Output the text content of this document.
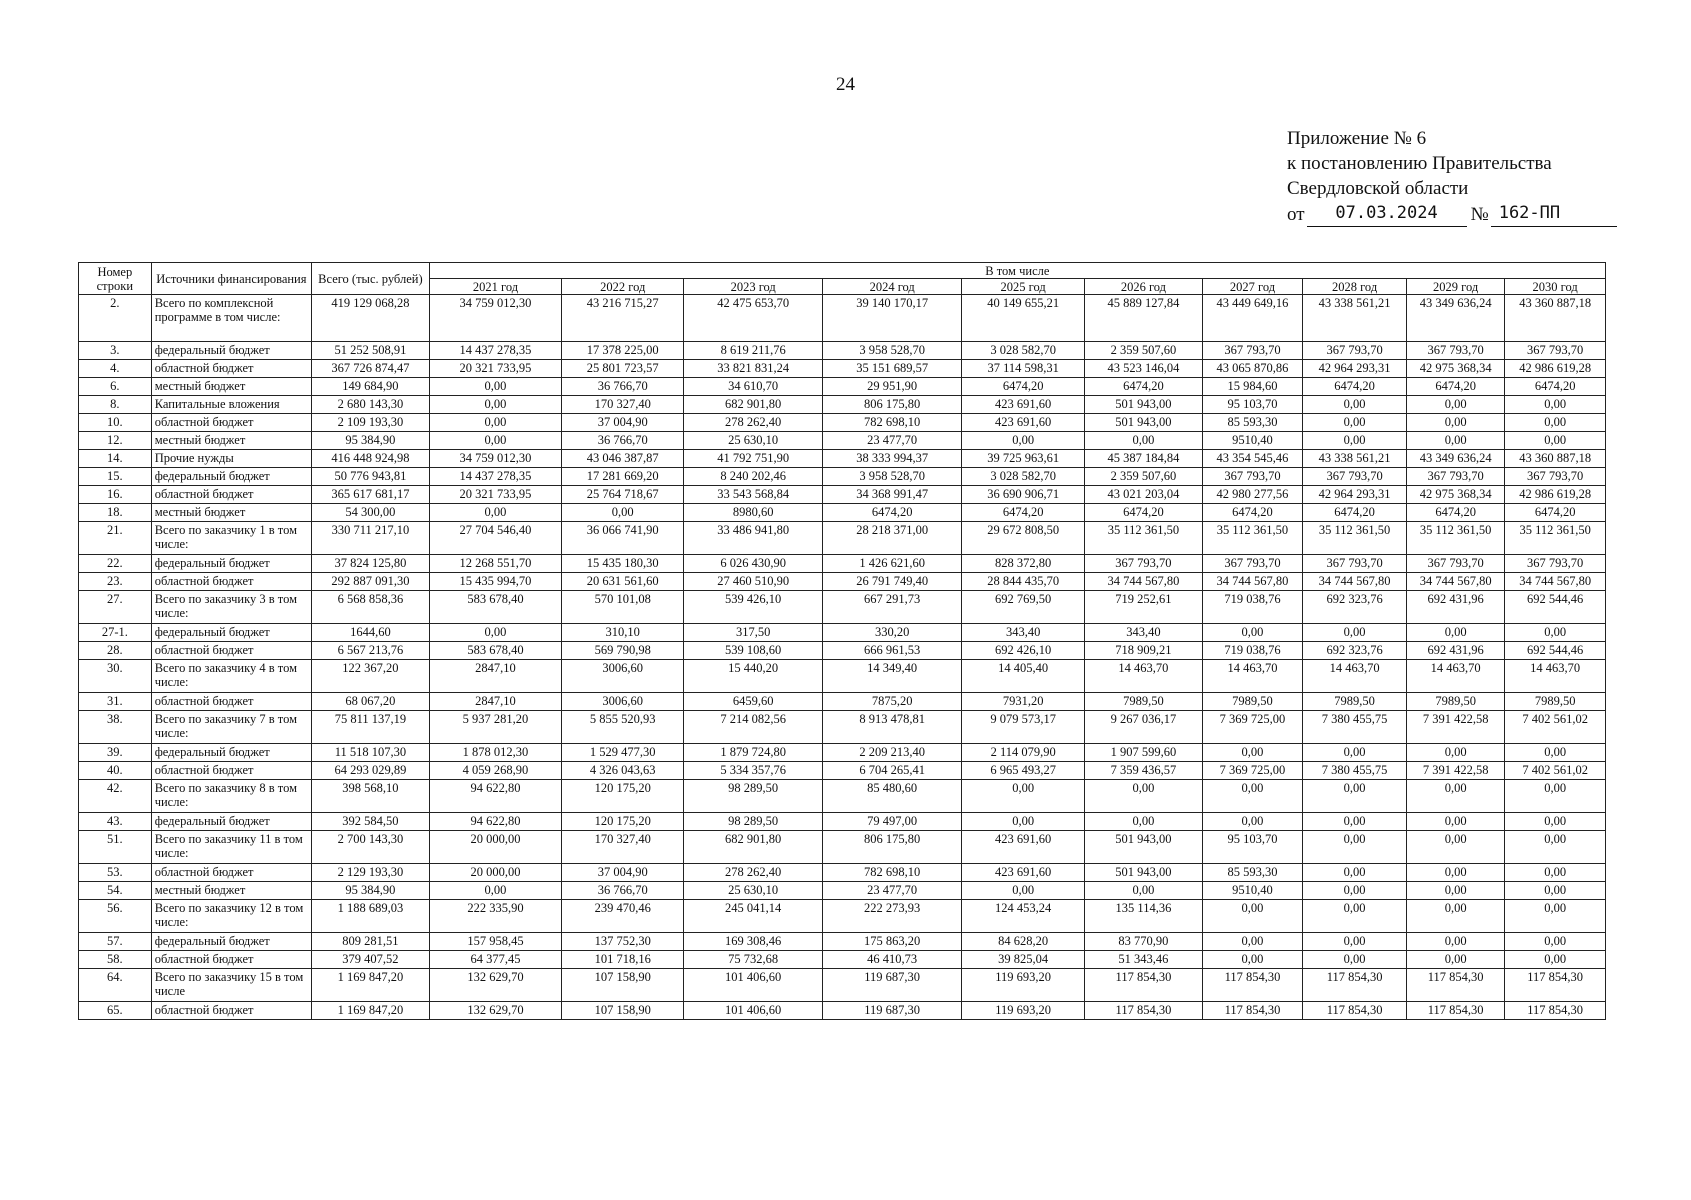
24
Приложение № 6
к постановлению Правительства
Свердловской области
от	07.03.2024	№ 162-ПП
Номер строки	Источники финансирования	Всего (тыс. рублей)	В том числе									
			2021 год	2022 год	2023 год	2024 год	2025 год	2026 год	2027 год	2028 год	2029 год	2030 год
2.	Всего по комплексной программе в том числе:	419 129 068,28	34 759 012,30	43 216 715,27	42 475 653,70	39 140 170,17	40 149 655,21	45 889 127,84	43 449 649,16	43 338 561,21	43 349 636,24	43 360 887,18
3.	федеральный бюджет	51 252 508,91	14 437 278,35	17 378 225,00	8 619 211,76	3 958 528,70	3 028 582,70	2 359 507,60	367 793,70	367 793,70	367 793,70	367 793,70
4.	областной бюджет	367 726 874,47	20 321 733,95	25 801 723,57	33 821 831,24	35 151 689,57	37 114 598,31	43 523 146,04	43 065 870,86	42 964 293,31	42 975 368,34	42 986 619,28
6.	местный бюджет	149 684,90	0,00	36 766,70	34 610,70	29 951,90	6474,20	6474,20	15 984,60	6474,20	6474,20	6474,20
8.	Капитальные вложения	2 680 143,30	0,00	170 327,40	682 901,80	806 175,80	423 691,60	501 943,00	95 103,70	0,00	0,00	0,00
10.	областной бюджет	2 109 193,30	0,00	37 004,90	278 262,40	782 698,10	423 691,60	501 943,00	85 593,30	0,00	0,00	0,00
12.	местный бюджет	95 384,90	0,00	36 766,70	25 630,10	23 477,70	0,00	0,00	9510,40	0,00	0,00	0,00
14.	Прочие нужды	416 448 924,98	34 759 012,30	43 046 387,87	41 792 751,90	38 333 994,37	39 725 963,61	45 387 184,84	43 354 545,46	43 338 561,21	43 349 636,24	43 360 887,18
15.	федеральный бюджет	50 776 943,81	14 437 278,35	17 281 669,20	8 240 202,46	3 958 528,70	3 028 582,70	2 359 507,60	367 793,70	367 793,70	367 793,70	367 793,70
16.	областной бюджет	365 617 681,17	20 321 733,95	25 764 718,67	33 543 568,84	34 368 991,47	36 690 906,71	43 021 203,04	42 980 277,56	42 964 293,31	42 975 368,34	42 986 619,28
18.	местный бюджет	54 300,00	0,00	0,00	8980,60	6474,20	6474,20	6474,20	6474,20	6474,20	6474,20	6474,20
21.	Всего по заказчику 1 в том числе:	330 711 217,10	27 704 546,40	36 066 741,90	33 486 941,80	28 218 371,00	29 672 808,50	35 112 361,50	35 112 361,50	35 112 361,50	35 112 361,50	35 112 361,50
22.	федеральный бюджет	37 824 125,80	12 268 551,70	15 435 180,30	6 026 430,90	1 426 621,60	828 372,80	367 793,70	367 793,70	367 793,70	367 793,70	367 793,70
23.	областной бюджет	292 887 091,30	15 435 994,70	20 631 561,60	27 460 510,90	26 791 749,40	28 844 435,70	34 744 567,80	34 744 567,80	34 744 567,80	34 744 567,80	34 744 567,80
27.	Всего по заказчику 3 в том числе:	6 568 858,36	583 678,40	570 101,08	539 426,10	667 291,73	692 769,50	719 252,61	719 038,76	692 323,76	692 431,96	692 544,46
27-1.	федеральный бюджет	1644,60	0,00	310,10	317,50	330,20	343,40	343,40	0,00	0,00	0,00	0,00
28.	областной бюджет	6 567 213,76	583 678,40	569 790,98	539 108,60	666 961,53	692 426,10	718 909,21	719 038,76	692 323,76	692 431,96	692 544,46
30.	Всего по заказчику 4 в том числе:	122 367,20	2847,10	3006,60	15 440,20	14 349,40	14 405,40	14 463,70	14 463,70	14 463,70	14 463,70	14 463,70
31.	областной бюджет	68 067,20	2847,10	3006,60	6459,60	7875,20	7931,20	7989,50	7989,50	7989,50	7989,50	7989,50
38.	Всего по заказчику 7 в том числе:	75 811 137,19	5 937 281,20	5 855 520,93	7 214 082,56	8 913 478,81	9 079 573,17	9 267 036,17	7 369 725,00	7 380 455,75	7 391 422,58	7 402 561,02
39.	федеральный бюджет	11 518 107,30	1 878 012,30	1 529 477,30	1 879 724,80	2 209 213,40	2 114 079,90	1 907 599,60	0,00	0,00	0,00	0,00
40.	областной бюджет	64 293 029,89	4 059 268,90	4 326 043,63	5 334 357,76	6 704 265,41	6 965 493,27	7 359 436,57	7 369 725,00	7 380 455,75	7 391 422,58	7 402 561,02
42.	Всего по заказчику 8 в том числе:	398 568,10	94 622,80	120 175,20	98 289,50	85 480,60	0,00	0,00	0,00	0,00	0,00	0,00
43.	федеральный бюджет	392 584,50	94 622,80	120 175,20	98 289,50	79 497,00	0,00	0,00	0,00	0,00	0,00	0,00
51.	Всего по заказчику 11 в том числе:	2 700 143,30	20 000,00	170 327,40	682 901,80	806 175,80	423 691,60	501 943,00	95 103,70	0,00	0,00	0,00
53.	областной бюджет	2 129 193,30	20 000,00	37 004,90	278 262,40	782 698,10	423 691,60	501 943,00	85 593,30	0,00	0,00	0,00
54.	местный бюджет	95 384,90	0,00	36 766,70	25 630,10	23 477,70	0,00	0,00	9510,40	0,00	0,00	0,00
56.	Всего по заказчику 12 в том числе:	1 188 689,03	222 335,90	239 470,46	245 041,14	222 273,93	124 453,24	135 114,36	0,00	0,00	0,00	0,00
57.	федеральный бюджет	809 281,51	157 958,45	137 752,30	169 308,46	175 863,20	84 628,20	83 770,90	0,00	0,00	0,00	0,00
58.	областной бюджет	379 407,52	64 377,45	101 718,16	75 732,68	46 410,73	39 825,04	51 343,46	0,00	0,00	0,00	0,00
64.	Всего по заказчику 15 в том числе	1 169 847,20	132 629,70	107 158,90	101 406,60	119 687,30	119 693,20	117 854,30	117 854,30	117 854,30	117 854,30	117 854,30
65.	областной бюджет	1 169 847,20	132 629,70	107 158,90	101 406,60	119 687,30	119 693,20	117 854,30	117 854,30	117 854,30	117 854,30	117 854,30
